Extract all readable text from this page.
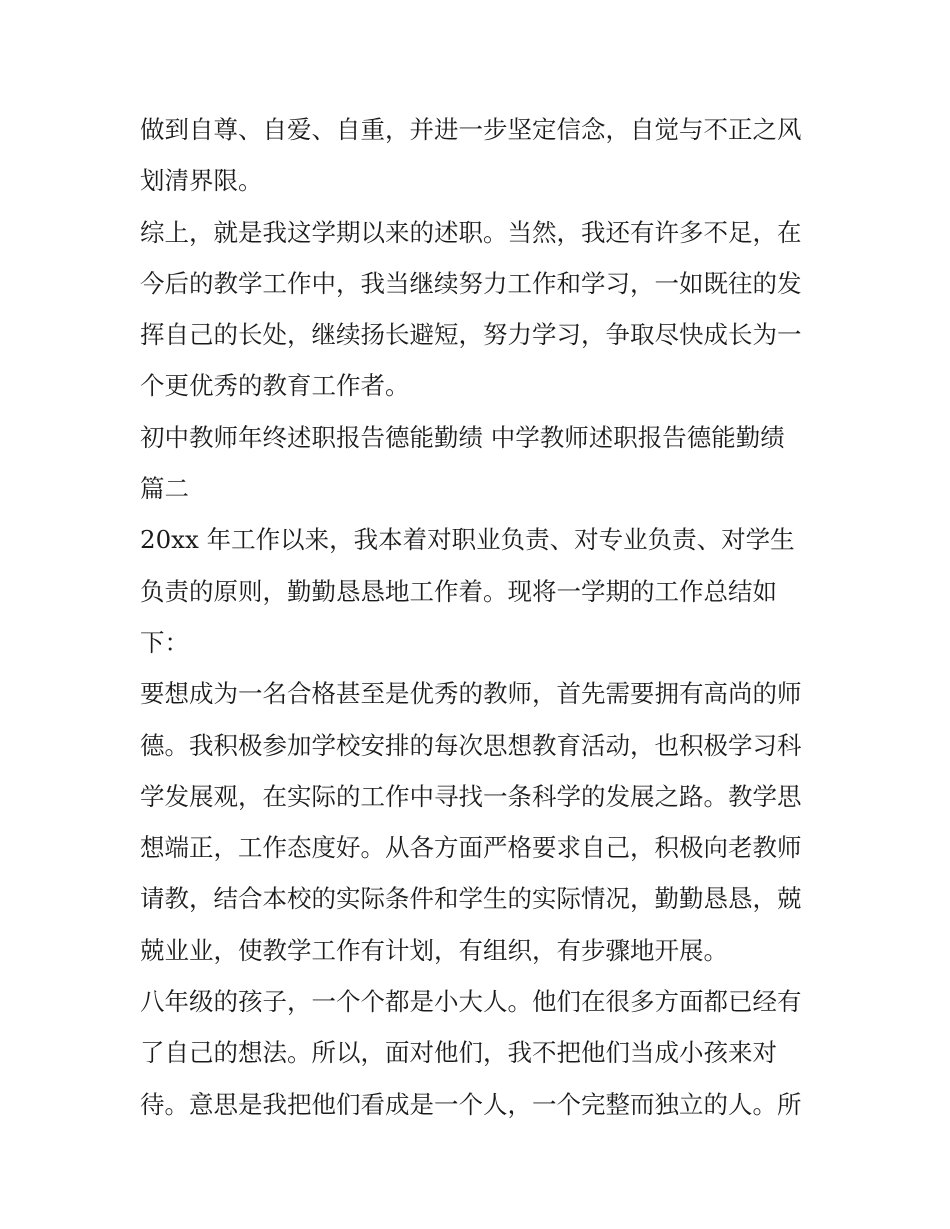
做到自尊、自爱、自重，并进一步坚定信念，自觉与不正之风
划清界限。
综上，就是我这学期以来的述职。当然，我还有许多不足，在
今后的教学工作中，我当继续努力工作和学习，一如既往的发
挥自己的长处，继续扬长避短，努力学习，争取尽快成长为一
个更优秀的教育工作者。
初中教师年终述职报告德能勤绩 中学教师述职报告德能勤绩
篇二
20xx 年工作以来，我本着对职业负责、对专业负责、对学生
负责的原则，勤勤恳恳地工作着。现将一学期的工作总结如
下：
要想成为一名合格甚至是优秀的教师，首先需要拥有高尚的师
德。我积极参加学校安排的每次思想教育活动，也积极学习科
学发展观，在实际的工作中寻找一条科学的发展之路。教学思
想端正，工作态度好。从各方面严格要求自己，积极向老教师
请教，结合本校的实际条件和学生的实际情况，勤勤恳恳，兢
兢业业，使教学工作有计划，有组织，有步骤地开展。
八年级的孩子，一个个都是小大人。他们在很多方面都已经有
了自己的想法。所以，面对他们，我不把他们当成小孩来对
待。意思是我把他们看成是一个人，一个完整而独立的人。所
